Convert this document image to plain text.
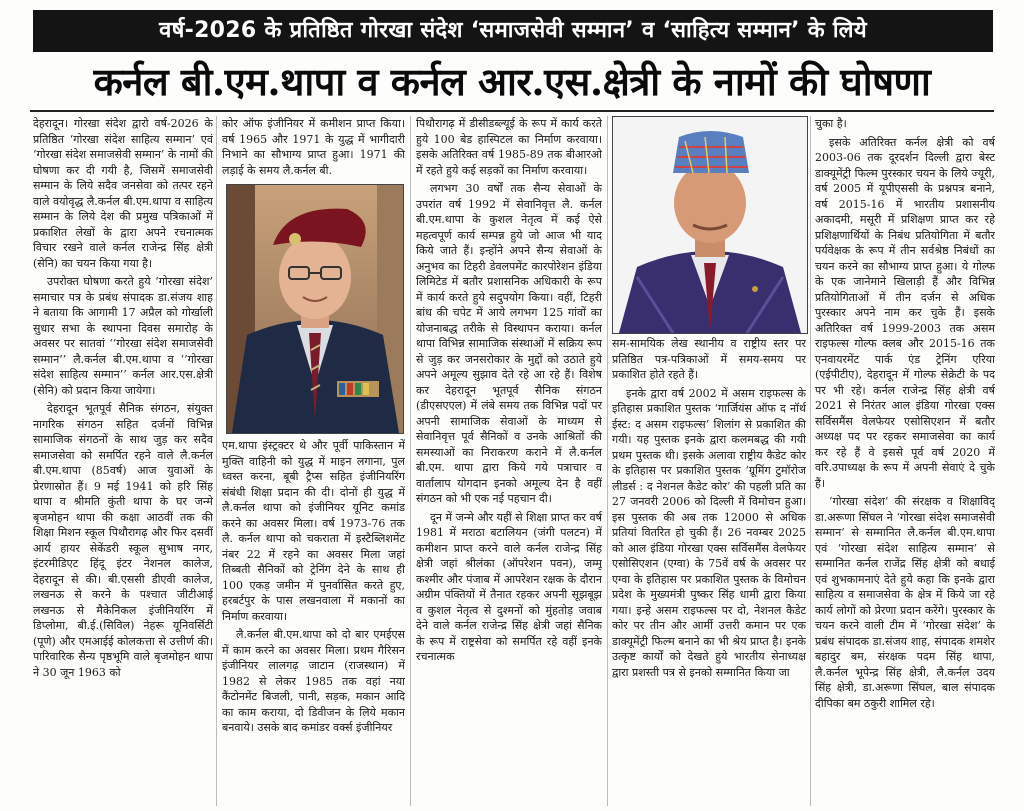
वर्ष-2026 के प्रतिष्ठित गोरखा संदेश ‘समाजसेवी सम्मान’ व ‘साहित्य सम्मान’ के लिये
कर्नल बी.एम.थापा व कर्नल आर.एस.क्षेत्री के नामों की घोषणा

देहरादून। गोरखा संदेश द्वारो वर्ष-2026 के प्रतिष्ठित ‘गोरखा संदेश साहित्य सम्मान’ एवं ‘गोरखा संदेश समाजसेवी सम्मान’ के नामों की घोषणा कर दी गयी है, जिसमें समाजसेवी सम्मान के लिये सदैव जनसेवा को तत्पर रहने वाले वयोवृद्ध लै.कर्नल बी.एम.थापा व साहित्य सम्मान के लिये देश की प्रमुख पत्रिकाओं में प्रकाशित लेखों के द्वारा अपने रचनात्मक विचार रखने वाले कर्नल राजेन्द्र सिंह क्षेत्री (सेनि) का चयन किया गया है।

उपरोक्त घोषणा करते हुये ‘गोरखा संदेश’ समाचार पत्र के प्रबंध संपादक डा.संजय शाह ने बताया कि आगामी 17 अप्रैल को गोर्खाली सुधार सभा के स्थापना दिवस समारोह के अवसर पर सातवां ‘’गोरखा संदेश समाजसेवी सम्मान’’ लै.कर्नल बी.एम.थापा व ‘’गोरखा संदेश साहित्य सम्मान’’ कर्नल आर.एस.क्षेत्री (सेनि) को प्रदान किया जायेगा।

देहरादून भूतपूर्व सैनिक संगठन, संयुक्त नागरिक संगठन सहित दर्जनों विभिन्न सामाजिक संगठनों के साथ जुड़ कर सदैव समाजसेवा को समर्पित रहने वाले लै.कर्नल बी.एम.थापा (85वर्ष) आज युवाओं के प्रेरणास्रोत हैं। 9 मई 1941 को हरि सिंह थापा व श्रीमति कुंती थापा के घर जन्मे बृजमोहन थापा की कक्षा आठवीं तक की शिक्षा मिशन स्कूल पिथौरागढ़ और फिर दसवीं आर्य हायर सेकेंडरी स्कूल सुभाष नगर, इंटरमीडिएट हिंदू इंटर नेशनल कालेज, देहरादून से की। बी.एससी डीएवी कालेज, लखनऊ से करने के पश्चात जीटीआई लखनऊ से मैकेनिकल इंजीनियरिंग में डिप्लोमा, बी.ई.(सिविल) नेहरू यूनिवर्सिटी (पूणे) और एमआईई कोलकत्ता से उत्तीर्ण की। पारिवारिक सैन्य पृष्ठभूमि वाले बृजमोहन थापा ने 30 जून 1963 को

कोर ऑफ इंजीनियर में कमीशन प्राप्त किया। वर्ष 1965 और 1971 के युद्ध में भागीदारी निभाने का सौभाग्य प्राप्त हुआ। 1971 की लड़ाई के समय लै.कर्नल बी.

एम.थापा इंस्ट्रक्टर थे और पूर्वी पाकिस्तान में मुक्ति वाहिनी को युद्ध में माइन लगाना, पुल ध्वस्त करना, बूबी ट्रैप्स सहित इंजीनियरिंग संबंधी शिक्षा प्रदान की दी। दोनों ही युद्ध में लै.कर्नल थापा को इंजीनियर यूनिट कमांड करने का अवसर मिला। वर्ष 1973-76 तक लै. कर्नल थापा को चकराता में इस्टैब्लिशमेंट नंबर 22 में रहने का अवसर मिला जहां तिब्बती सैनिकों को ट्रेनिंग देने के साथ ही 100 एकड़ जमीन में पुनर्वासित करते हुए, हरबर्टपुर के पास लखनवाला में मकानों का निर्माण करवाया।

लै.कर्नल बी.एम.थापा को दो बार एमईएस में काम करने का अवसर मिला। प्रथम गैरिसन इंजीनियर लालगढ़ जाटान (राजस्थान) में 1982 से लेकर 1985 तक वहां नया कैंटोनमेंट बिजली, पानी, सड़क, मकान आदि का काम कराया, दो डिवीजन के लिये मकान बनवाये। उसके बाद कमांडर वर्क्स इंजीनियर

पिथौरागढ़ में डीसीडब्ल्यूई के रूप में कार्य करते हुये 100 बेड हास्पिटल का निर्माण करवाया। इसके अतिरिक्त वर्ष 1985-89 तक बीआरओ में रहते हुये कई सड़कों का निर्माण करवाया।

लगभग 30 वर्षों तक सैन्य सेवाओं के उपरांत वर्ष 1992 में सेवानिवृत्त लै. कर्नल बी.एम.थापा के कुशल नेतृत्व में कई ऐसे महत्वपूर्ण कार्य सम्पन्न हुये जो आज भी याद किये जाते हैं। इन्होंने अपने सैन्य सेवाओं के अनुभव का टिहरी डेवलपमेंट कारपोरेशन इंडिया लिमिटेड में बतौर प्रशासनिक अधिकारी के रूप में कार्य करते हुये सदुपयोग किया। वहीं, टिहरी बांध की चपेट में आये लगभग 125 गांवों का योजनाबद्ध तरीके से विस्थापन कराया। कर्नल थापा विभिन्न सामाजिक संस्थाओं में सक्रिय रूप से जुड़ कर जनसरोकार के मुद्दों को उठाते हुये अपने अमूल्य सुझाव देते रहे आ रहे हैं। विशेष कर देहरादून भूतपूर्व सैनिक संगठन (डीएसएएल) में लंबे समय तक विभिन्न पदों पर अपनी सामाजिक सेवाओं के माध्यम से सेवानिवृत्त पूर्व सैनिकों व उनके आश्रितों की समस्याओं का निराकरण कराने में लै.कर्नल बी.एम. थापा द्वारा किये गये पत्राचार व वार्तालाप योगदान इनको अमूल्य देन है वहीं संगठन को भी एक नई पहचान दी।

दून में जन्मे और यहीं से शिक्षा प्राप्त कर वर्ष 1981 में मराठा बटालियन (जंगी पलटन) में कमीशन प्राप्त करने वाले कर्नल राजेन्द्र सिंह क्षेत्री जहां श्रीलंका (ऑपरेशन पवन), जम्मू कश्मीर और पंजाब में आपरेशन रक्षक के दौरान अग्रीम पंक्तियों में तैनात रहकर अपनी सूझबूझ व कुशल नेतृत्व से दुश्मनों को मुंहतोड़ जवाब देने वाले कर्नल राजेन्द्र सिंह क्षेत्री जहां सैनिक के रूप में राष्ट्रसेवा को समर्पित रहे वहीं इनके रचनात्मक

सम-सामयिक लेख स्थानीय व राष्ट्रीय स्तर पर प्रतिष्ठित पत्र-पत्रिकाओं में समय-समय पर प्रकाशित होते रहते हैं।

इनके द्वारा वर्ष 2002 में असम राइफल्स के इतिहास प्रकाशित पुस्तक ‘गार्जियंस ऑफ द नॉर्थ ईस्ट: द असम राइफल्स’ शिलांग से प्रकाशित की गयी। यह पुस्तक इनके द्वारा कलमबद्ध की गयी प्रथम पुस्तक थी। इसके अलावा राष्ट्रीय कैडेट कोर के इतिहास पर प्रकाशित पुस्तक ‘ग्रूमिंग टुमॉरोज लीडर्स : द नेशनल कैडेट कोर’ की पहली प्रति का 27 जनवरी 2006 को दिल्ली में विमोचन हुआ। इस पुस्तक की अब तक 12000 से अधिक प्रतियां वितरित हो चुकी हैं। 26 नवम्बर 2025 को आल इंडिया गोरखा एक्स सर्विसमैंस वेलफेयर एसोसिएशन (एग्वा) के 75वें वर्ष के अवसर पर एग्वा के इतिहास पर प्रकाशित पुस्तक के विमोचन प्रदेश के मुख्यमंत्री पुष्कर सिंह धामी द्वारा किया गया। इन्हे असम राइफल्स पर दो, नेशनल कैडेट कोर पर तीन और आर्मी उत्तरी कमान पर एक डाक्यूमेंट्री फिल्म बनाने का भी श्रेय प्राप्त है। इनके उत्कृष्ट कार्यों को देखते हुये भारतीय सेनाध्यक्ष द्वारा प्रशस्ती पत्र से इनको सम्मानित किया जा

चुका है।

इसके अतिरिक्त कर्नल क्षेत्री को वर्ष 2003-06 तक दूरदर्शन दिल्ली द्वारा बेस्ट डाक्यूमेंट्री फिल्म पुरस्कार चयन के लिये ज्यूरी, वर्ष 2005 में यूपीएससी के प्रश्नपत्र बनाने, वर्ष 2015-16 में भारतीय प्रशासनीय अकादमी, मसूरी में प्रशिक्षण प्राप्त कर रहे प्रशिक्षणार्थियों के निबंध प्रतियोगिता में बतौर पर्यवेक्षक के रूप में तीन सर्वश्रेष्ठ निबंधों का चयन करने का सौभाग्य प्राप्त हुआ। ये गोल्फ के एक जानेमाने खिलाड़ी हैं और विभिन्न प्रतियोगिताओं में तीन दर्जन से अधिक पुरस्कार अपने नाम कर चुके हैं। इसके अतिरिक्त वर्ष 1999-2003 तक असम राइफल्स गोल्फ क्लब और 2015-16 तक एनवायरमेंट पार्क एंड ट्रेनिंग एरिया (एईपीटीए), देहरादून में गोल्फ सेक्रेटी के पद पर भी रहे। कर्नल राजेन्द्र सिंह क्षेत्री वर्ष 2021 से निरंतर आल इंडिया गोरखा एक्स सर्विसमैंस वेलफेयर एसोसिएशन में बतौर अध्यक्ष पद पर रहकर समाजसेवा का कार्य कर रहे हैं वे इससे पूर्व वर्ष 2020 में वरि.उपाध्यक्ष के रूप में अपनी सेवाएं दे चुके हैं।

‘गोरखा संदेश’ की संरक्षक व शिक्षाविद् डा.अरूणा सिंघल ने ‘गोरखा संदेश समाजसेवी सम्मान’ से सम्मानित लै.कर्नल बी.एम.थापा एवं ‘गोरखा संदेश साहित्य सम्मान’ से सम्मानित कर्नल राजेंद्र सिंह क्षेत्री को बधाई एवं शुभकामनाएं देते हुये कहा कि इनके द्वारा साहित्य व समाजसेवा के क्षेत्र में किये जा रहे कार्य लोगों को प्रेरणा प्रदान करेंगे। पुरस्कार के चयन करने वाली टीम में ‘गोरखा संदेश’ के प्रबंध संपादक डा.संजय शाह, संपादक शमशेर बहादुर बम, संरक्षक पदम सिंह थापा, लै.कर्नल भूपेन्द्र सिंह क्षेत्री, लै.कर्नल उदय सिंह क्षेत्री, डा.अरूणा सिंघल, बाल संपादक दीपिका बम ठकुरी शामिल रहे।
